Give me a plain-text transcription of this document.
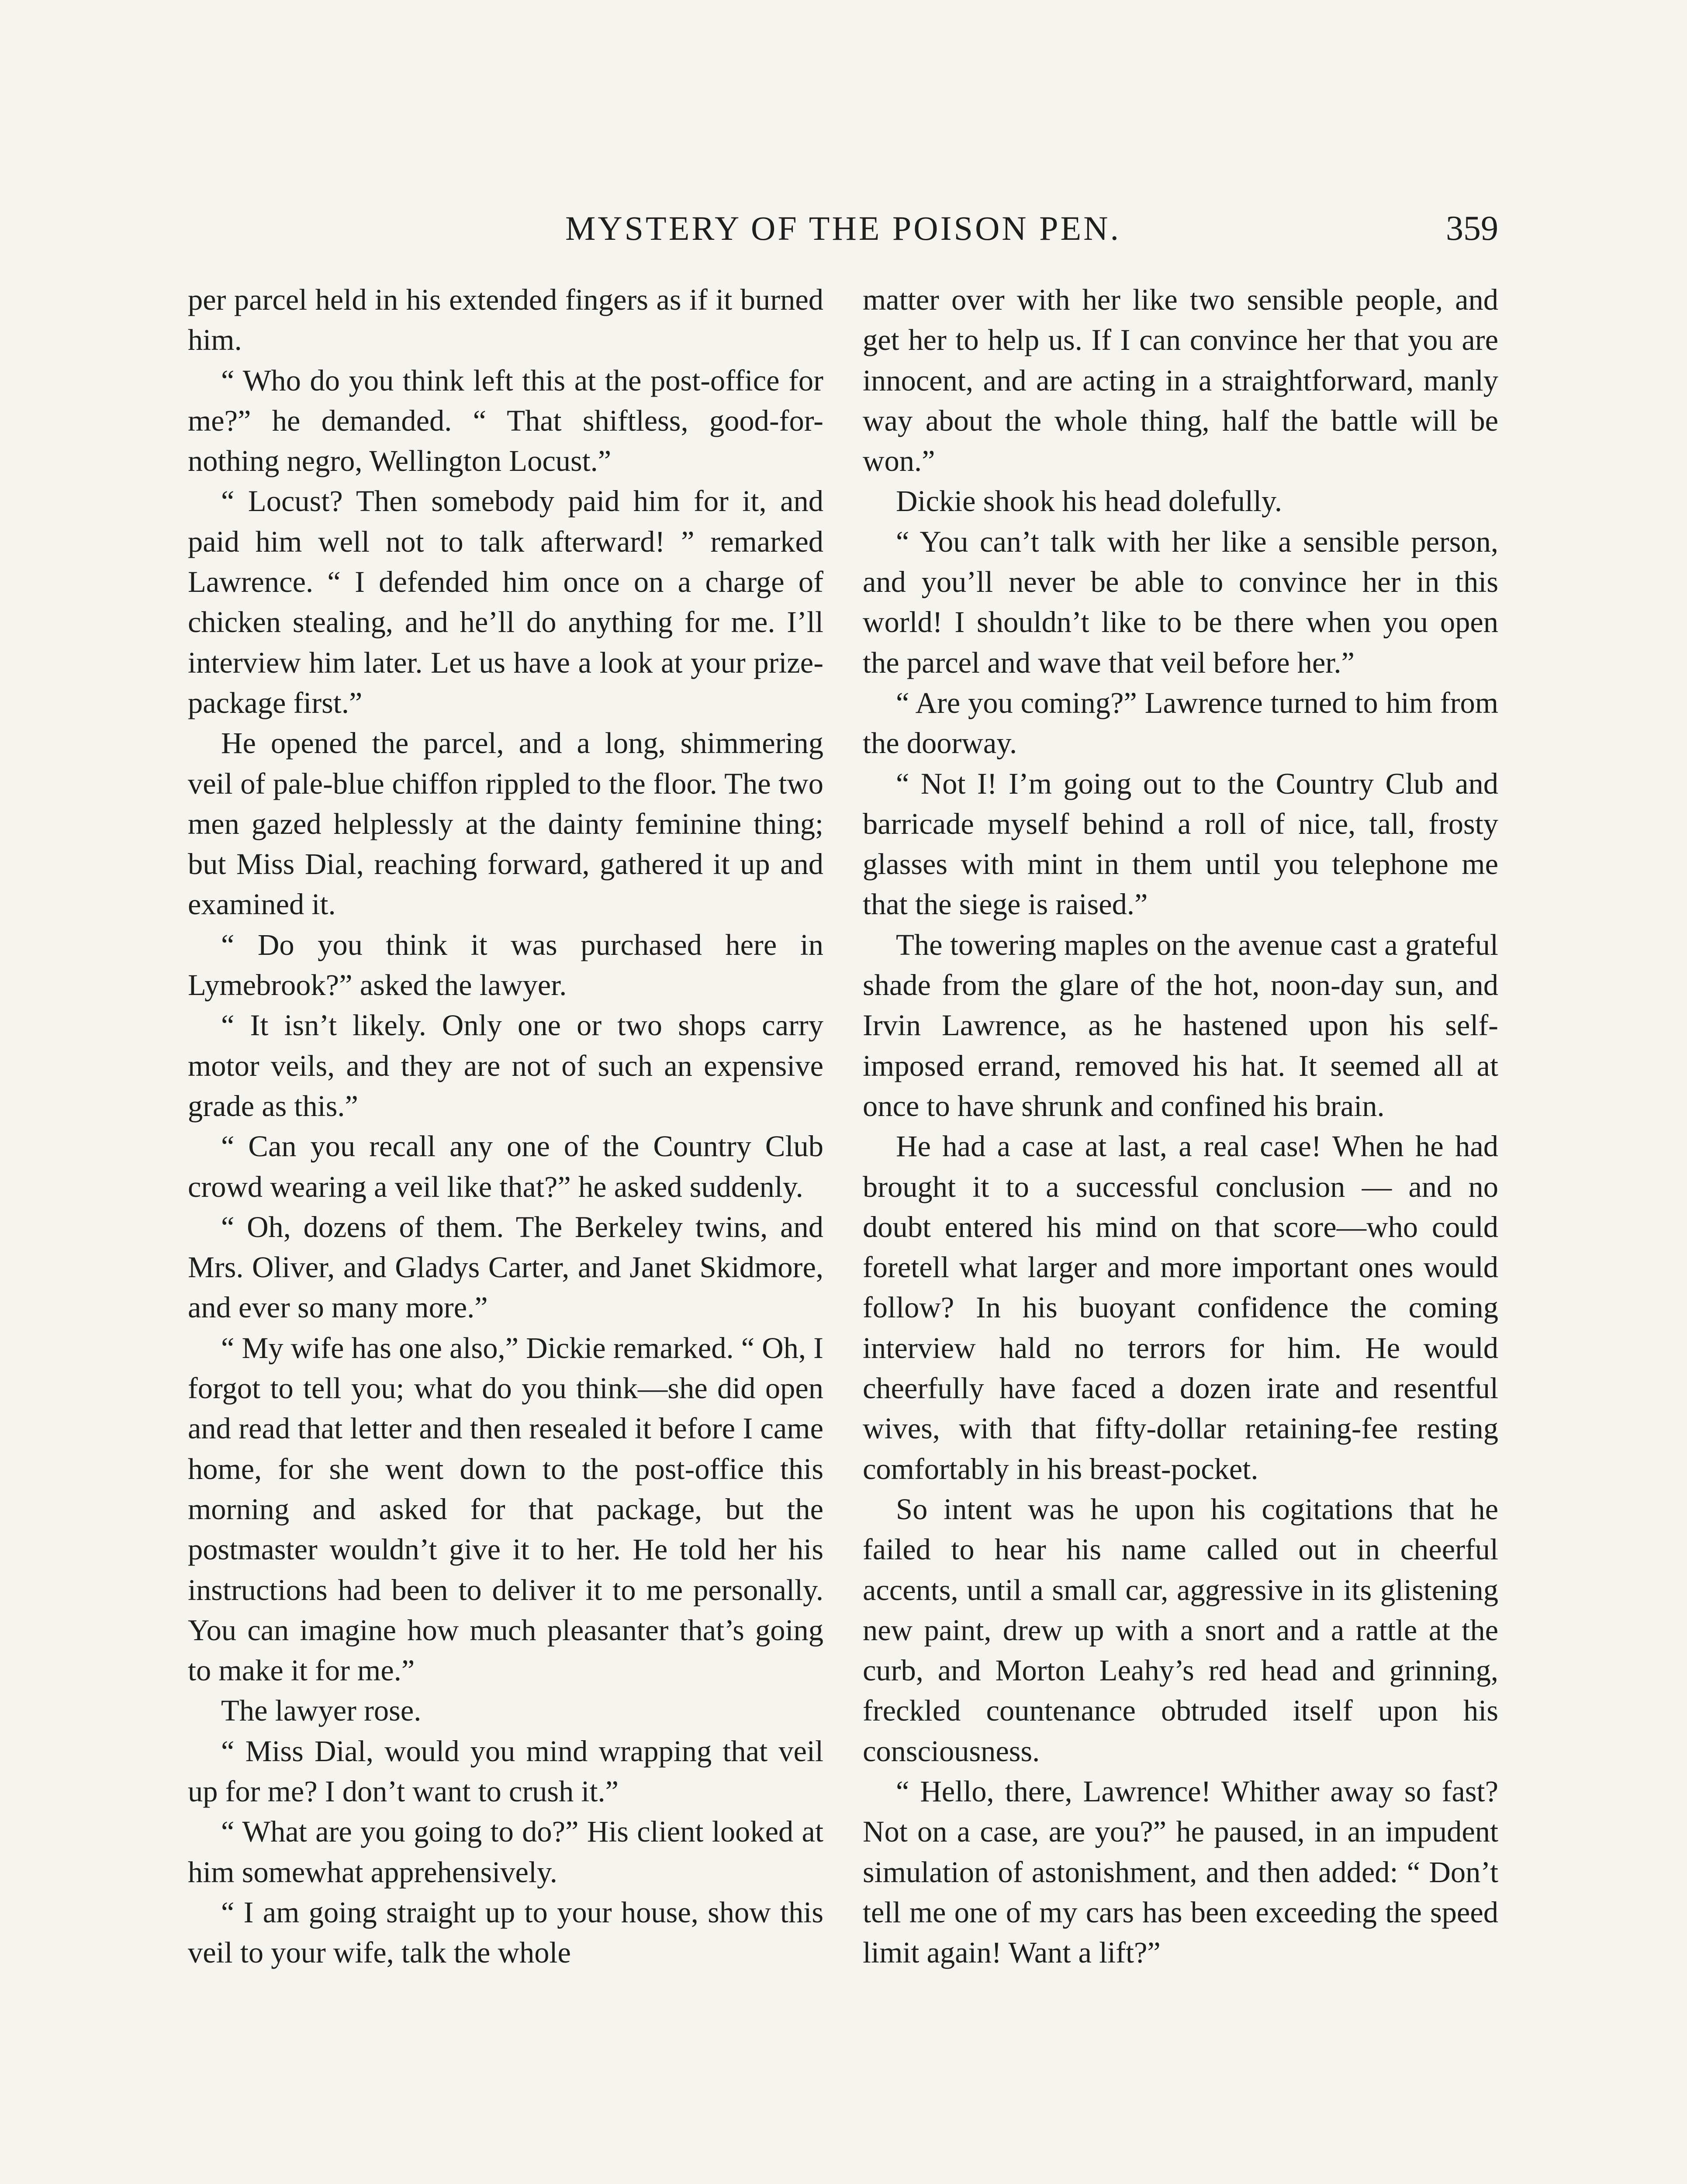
MYSTERY OF THE POISON PEN.	359

per parcel held in his extended fingers as if it burned him.

“ Who do you think left this at the post-office for me?” he demanded. “ That shiftless, good-for-nothing negro, Wellington Locust.”

“ Locust? Then somebody paid him for it, and paid him well not to talk afterward! ” remarked Lawrence. “ I defended him once on a charge of chicken stealing, and he’ll do anything for me. I’ll interview him later. Let us have a look at your prize-package first.”

He opened the parcel, and a long, shimmering veil of pale-blue chiffon rippled to the floor. The two men gazed helplessly at the dainty feminine thing; but Miss Dial, reaching forward, gathered it up and examined it.

“ Do you think it was purchased here in Lymebrook?” asked the lawyer.

“ It isn’t likely. Only one or two shops carry motor veils, and they are not of such an expensive grade as this.”

“ Can you recall any one of the Country Club crowd wearing a veil like that?” he asked suddenly.

“ Oh, dozens of them. The Berkeley twins, and Mrs. Oliver, and Gladys Carter, and Janet Skidmore, and ever so many more.”

“ My wife has one also,” Dickie remarked. “ Oh, I forgot to tell you; what do you think—she did open and read that letter and then resealed it before I came home, for she went down to the post-office this morning and asked for that package, but the postmaster wouldn’t give it to her. He told her his instructions had been to deliver it to me personally. You can imagine how much pleasanter that’s going to make it for me.”

The lawyer rose.

“ Miss Dial, would you mind wrapping that veil up for me? I don’t want to crush it.”

“ What are you going to do?” His client looked at him somewhat apprehensively.

“ I am going straight up to your house, show this veil to your wife, talk the whole

matter over with her like two sensible people, and get her to help us. If I can convince her that you are innocent, and are acting in a straightforward, manly way about the whole thing, half the battle will be won.”

Dickie shook his head dolefully.

“ You can’t talk with her like a sensible person, and you’ll never be able to convince her in this world! I shouldn’t like to be there when you open the parcel and wave that veil before her.”

“ Are you coming?” Lawrence turned to him from the doorway.

“ Not I! I’m going out to the Country Club and barricade myself behind a roll of nice, tall, frosty glasses with mint in them until you telephone me that the siege is raised.”

The towering maples on the avenue cast a grateful shade from the glare of the hot, noon-day sun, and Irvin Lawrence, as he hastened upon his self-imposed errand, removed his hat. It seemed all at once to have shrunk and confined his brain.

He had a case at last, a real case! When he had brought it to a successful conclusion — and no doubt entered his mind on that score—who could foretell what larger and more important ones would follow? In his buoyant confidence the coming interview hald no terrors for him. He would cheerfully have faced a dozen irate and resentful wives, with that fifty-dollar retaining-fee resting comfortably in his breast-pocket.

So intent was he upon his cogitations that he failed to hear his name called out in cheerful accents, until a small car, aggressive in its glistening new paint, drew up with a snort and a rattle at the curb, and Morton Leahy’s red head and grinning, freckled countenance obtruded itself upon his consciousness.

“ Hello, there, Lawrence! Whither away so fast? Not on a case, are you?” he paused, in an impudent simulation of astonishment, and then added: “ Don’t tell me one of my cars has been exceeding the speed limit again! Want a lift?”
